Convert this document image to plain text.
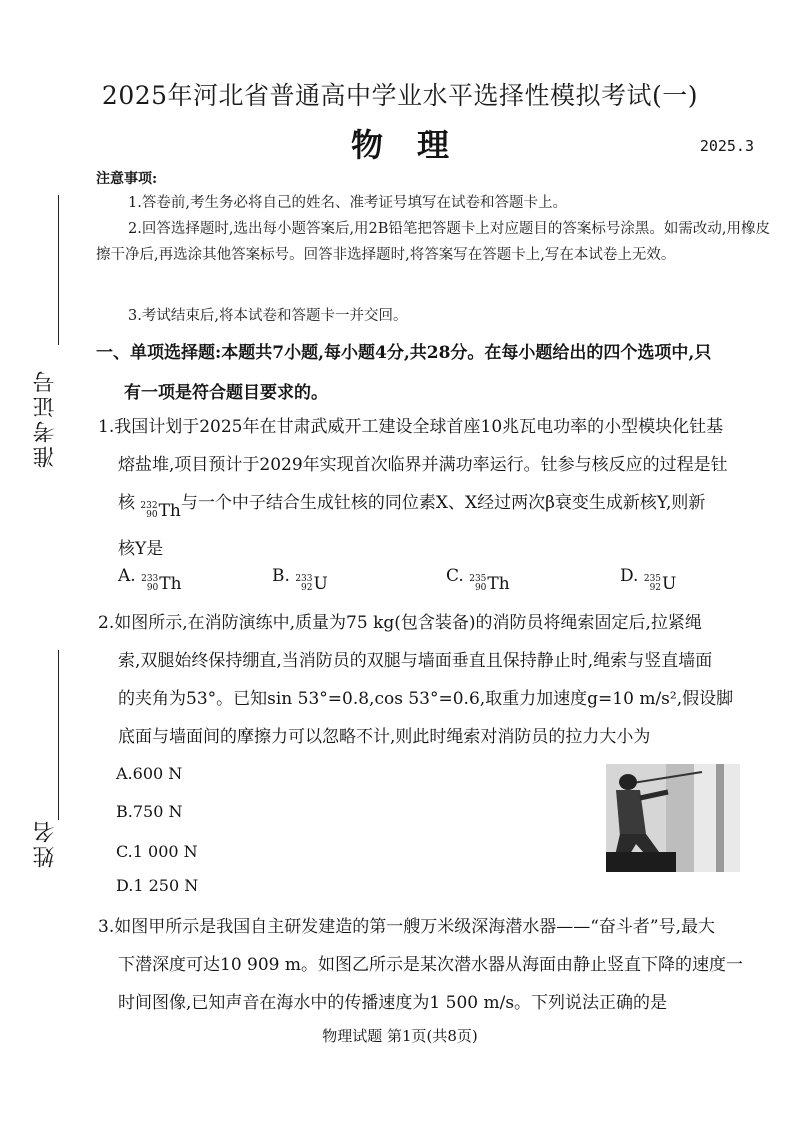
2025年河北省普通高中学业水平选择性模拟考试(一)
物理	2025.3
准考证号
姓名
注意事项:
1.答卷前,考生务必将自己的姓名、准考证号填写在试卷和答题卡上。
2.回答选择题时,选出每小题答案后,用2B铅笔把答题卡上对应题目的答案标号涂黑。如需改动,用橡皮擦干净后,再选涂其他答案标号。回答非选择题时,将答案写在答题卡上,写在本试卷上无效。
3.考试结束后,将本试卷和答题卡一并交回。
一、单项选择题:本题共7小题,每小题4分,共28分。在每小题给出的四个选项中,只
有一项是符合题目要求的。
1.我国计划于2025年在甘肃武威开工建设全球首座10兆瓦电功率的小型模块化钍基
熔盐堆,项目预计于2029年实现首次临界并满功率运行。钍参与核反应的过程是钍
核 232
90 Th 与一个中子结合生成钍核的同位素X、X经过两次β衰变生成新核Y,则新
核Y是
A. 233
90 Th	B. 233
92 U	C. 235
90 Th	D. 235
92 U
2.如图所示,在消防演练中,质量为75 kg(包含装备)的消防员将绳索固定后,拉紧绳
索,双腿始终保持绷直,当消防员的双腿与墙面垂直且保持静止时,绳索与竖直墙面
的夹角为53°。已知sin 53°=0.8,cos 53°=0.6,取重力加速度g=10 m/s²,假设脚
底面与墙面间的摩擦力可以忽略不计,则此时绳索对消防员的拉力大小为
A.600 N
B.750 N
C.1 000 N
D.1 250 N
3.如图甲所示是我国自主研发建造的第一艘万米级深海潜水器——“奋斗者”号,最大
下潜深度可达10 909 m。如图乙所示是某次潜水器从海面由静止竖直下降的速度一
时间图像,已知声音在海水中的传播速度为1 500 m/s。下列说法正确的是
物理试题 第1页(共8页)
